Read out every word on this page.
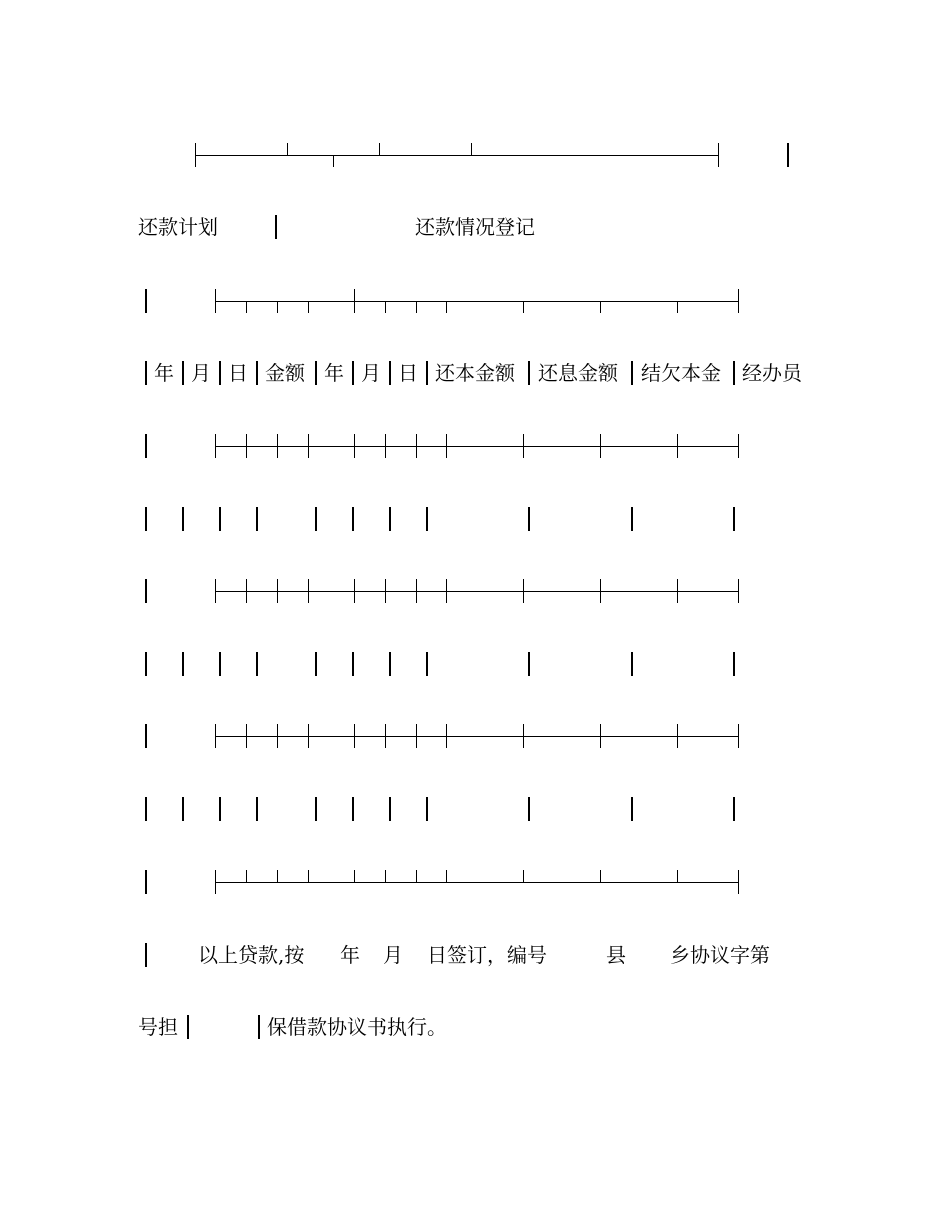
还款计划	还款情况登记
年 月 日 金额 年 月 日 还本金额 还息金额 结欠本金 经办员
以上贷款,按 年 月 日签订，编号	县 乡协议字第
号担	保借款协议书执行。
